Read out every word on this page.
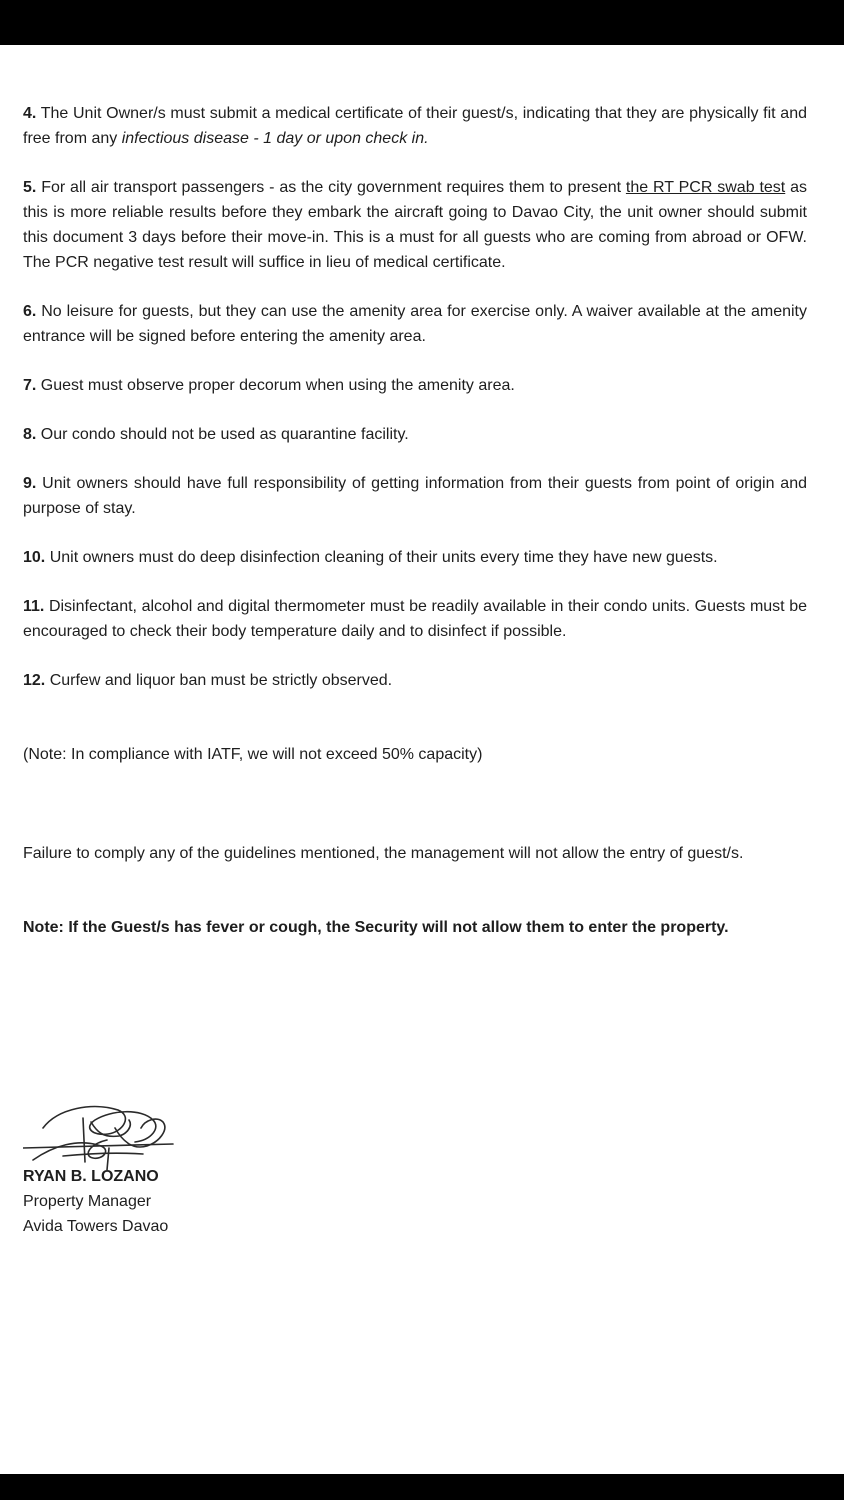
4. The Unit Owner/s must submit a medical certificate of their guest/s, indicating that they are physically fit and free from any infectious disease - 1 day or upon check in.

5. For all air transport passengers - as the city government requires them to present the RT PCR swab test as this is more reliable results before they embark the aircraft going to Davao City, the unit owner should submit this document 3 days before their move-in. This is a must for all guests who are coming from abroad or OFW. The PCR negative test result will suffice in lieu of medical certificate.

6. No leisure for guests, but they can use the amenity area for exercise only. A waiver available at the amenity entrance will be signed before entering the amenity area.

7. Guest must observe proper decorum when using the amenity area.

8. Our condo should not be used as quarantine facility.

9. Unit owners should have full responsibility of getting information from their guests from point of origin and purpose of stay.

10. Unit owners must do deep disinfection cleaning of their units every time they have new guests.

11. Disinfectant, alcohol and digital thermometer must be readily available in their condo units. Guests must be encouraged to check their body temperature daily and to disinfect if possible.

12. Curfew and liquor ban must be strictly observed.

(Note: In compliance with IATF, we will not exceed 50% capacity)

Failure to comply any of the guidelines mentioned, the management will not allow the entry of guest/s.

Note: If the Guest/s has fever or cough, the Security will not allow them to enter the property.

RYAN B. LOZANO
Property Manager
Avida Towers Davao
